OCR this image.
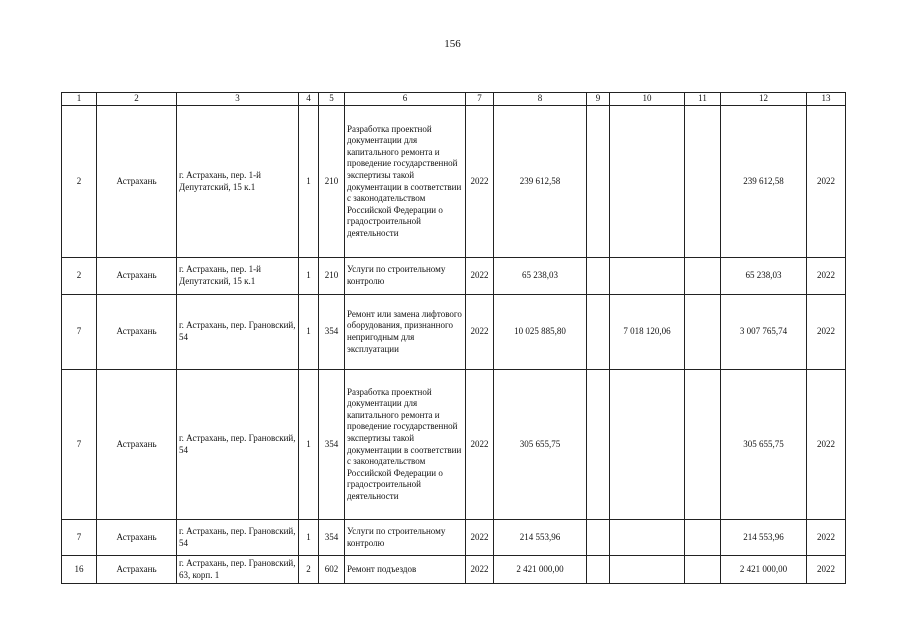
156
1	2	3	4	5	6	7	8	9	10	11	12	13
2	Астрахань	г. Астрахань, пер. 1-й Депутатский, 15 к.1	1	210	Разработка проектной документации для капитального ремонта и проведение государственной экспертизы такой документации в соответствии с законодательством Российской Федерации о градостроительной деятельности	2022	239 612,58				239 612,58	2022
2	Астрахань	г. Астрахань, пер. 1-й Депутатский, 15 к.1	1	210	Услуги по строительному контролю	2022	65 238,03				65 238,03	2022
7	Астрахань	г. Астрахань, пер. Грановский, 54	1	354	Ремонт или замена лифтового оборудования, признанного непригодным для эксплуатации	2022	10 025 885,80		7 018 120,06		3 007 765,74	2022
7	Астрахань	г. Астрахань, пер. Грановский, 54	1	354	Разработка проектной документации для капитального ремонта и проведение государственной экспертизы такой документации в соответствии с законодательством Российской Федерации о градостроительной деятельности	2022	305 655,75				305 655,75	2022
7	Астрахань	г. Астрахань, пер. Грановский, 54	1	354	Услуги по строительному контролю	2022	214 553,96				214 553,96	2022
16	Астрахань	г. Астрахань, пер. Грановский, 63, корп. 1	2	602	Ремонт подъездов	2022	2 421 000,00				2 421 000,00	2022
